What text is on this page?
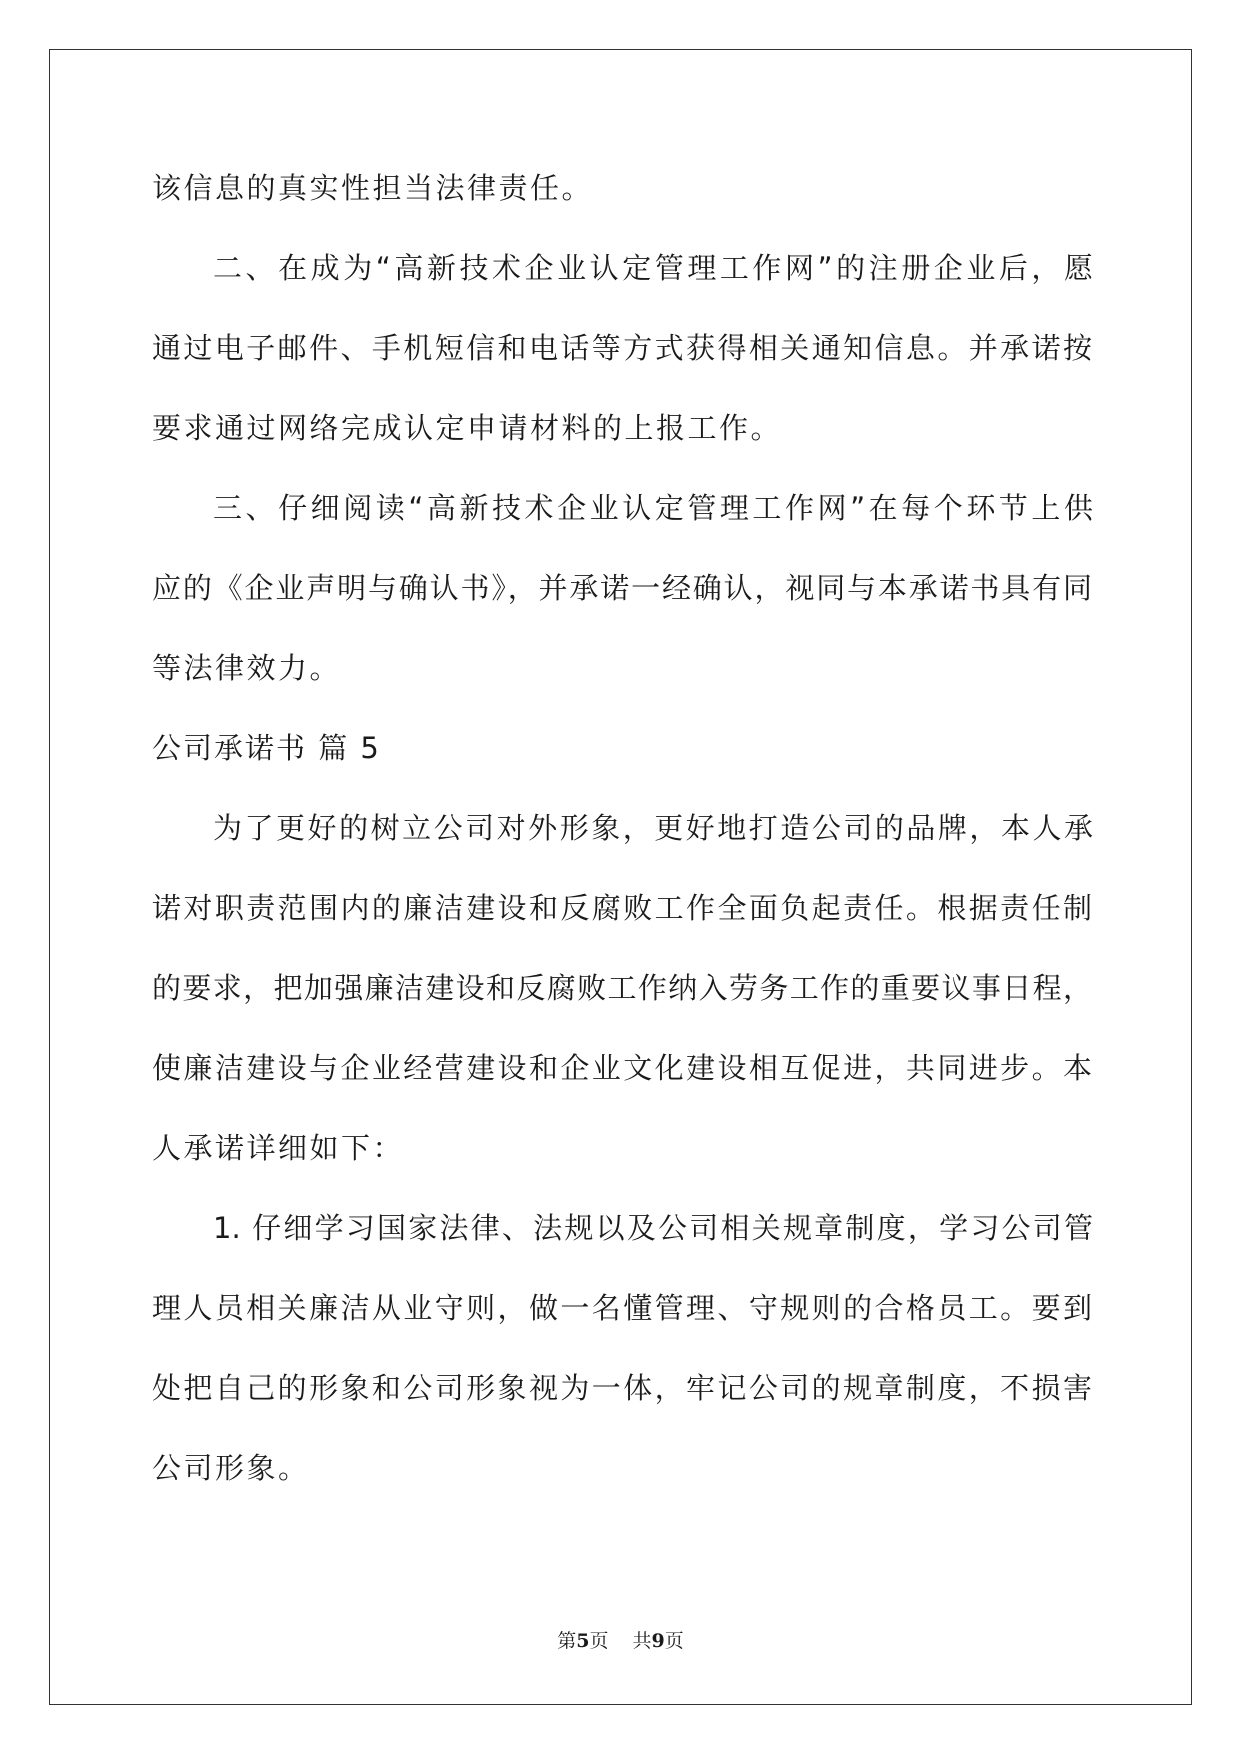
该信息的真实性担当法律责任。
二、在成为“高新技术企业认定管理工作网”的注册企业后，愿
通过电子邮件、手机短信和电话等方式获得相关通知信息。并承诺按
要求通过网络完成认定申请材料的上报工作。
三、仔细阅读“高新技术企业认定管理工作网”在每个环节上供
应的《企业声明与确认书》，并承诺一经确认，视同与本承诺书具有同
等法律效力。
公司承诺书 篇 5
为了更好的树立公司对外形象，更好地打造公司的品牌，本人承
诺对职责范围内的廉洁建设和反腐败工作全面负起责任。根据责任制
的要求，把加强廉洁建设和反腐败工作纳入劳务工作的重要议事日程，
使廉洁建设与企业经营建设和企业文化建设相互促进，共同进步。本
人承诺详细如下：
1. 仔细学习国家法律、法规以及公司相关规章制度，学习公司管
理人员相关廉洁从业守则，做一名懂管理、守规则的合格员工。要到
处把自己的形象和公司形象视为一体，牢记公司的规章制度，不损害
公司形象。
第5页 共9页
